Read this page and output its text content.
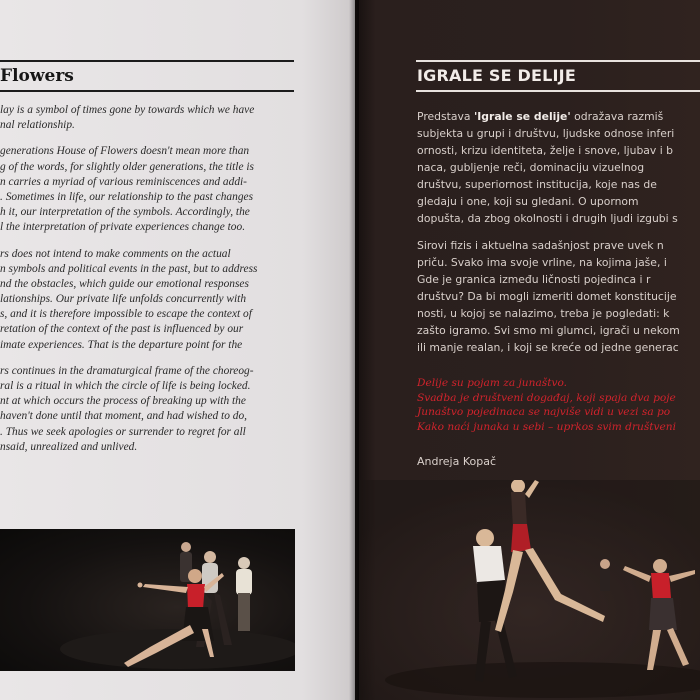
Flowers
lay is a symbol of times gone by towards which we have
nal relationship.
generations House of Flowers doesn't mean more than
g of the words, for slightly older generations, the title is
n carries a myriad of various reminiscences and addi-
. Sometimes in life, our relationship to the past changes
h it, our interpretation of the symbols. Accordingly, the
l the interpretation of private experiences change too.
rs does not intend to make comments on the actual
n symbols and political events in the past, but to address
nd the obstacles, which guide our emotional responses
lationships. Our private life unfolds concurrently with
s, and it is therefore impossible to escape the context of
retation of the context of the past is influenced by our
imate experiences. That is the departure point for the
rs continues in the dramaturgical frame of the choreog-
ral is a ritual in which the circle of life is being locked.
nt at which occurs the process of breaking up with the
haven't done until that moment, and had wished to do,
. Thus we seek apologies or surrender to regret for all
nsaid, unrealized and unlived.
IGRALE SE DELIJE
Predstava 'Igrale se delije' odražava razmiš
subjekta u grupi i društvu, ljudske odnose inferi
ornosti, krizu identiteta, želje i snove, ljubav i b
naca, gubljenje reči, dominaciju vizuelnog
društvu, superiornost institucija, koje nas de
gledaju i one, koji su gledani. O upornom
dopušta, da zbog okolnosti i drugih ljudi izgubi s
Sirovi fizis i aktuelna sadašnjost prave uvek n
priču. Svako ima svoje vrline, na kojima jaše, i
Gde je granica između ličnosti pojedinca i r
društvu? Da bi mogli izmeriti domet konstitucije
nosti, u kojoj se nalazimo, treba je pogledati: k
zašto igramo. Svi smo mi glumci, igrači u nekom
ili manje realan, i koji se kreće od jedne generac
Delije su pojam za junaštvo.
Svadba je društveni događaj, koji spaja dva poje
Junaštvo pojedinaca se najviše vidi u vezi sa po
Kako naći junaka u sebi – uprkos svim društveni
Andreja Kopač
